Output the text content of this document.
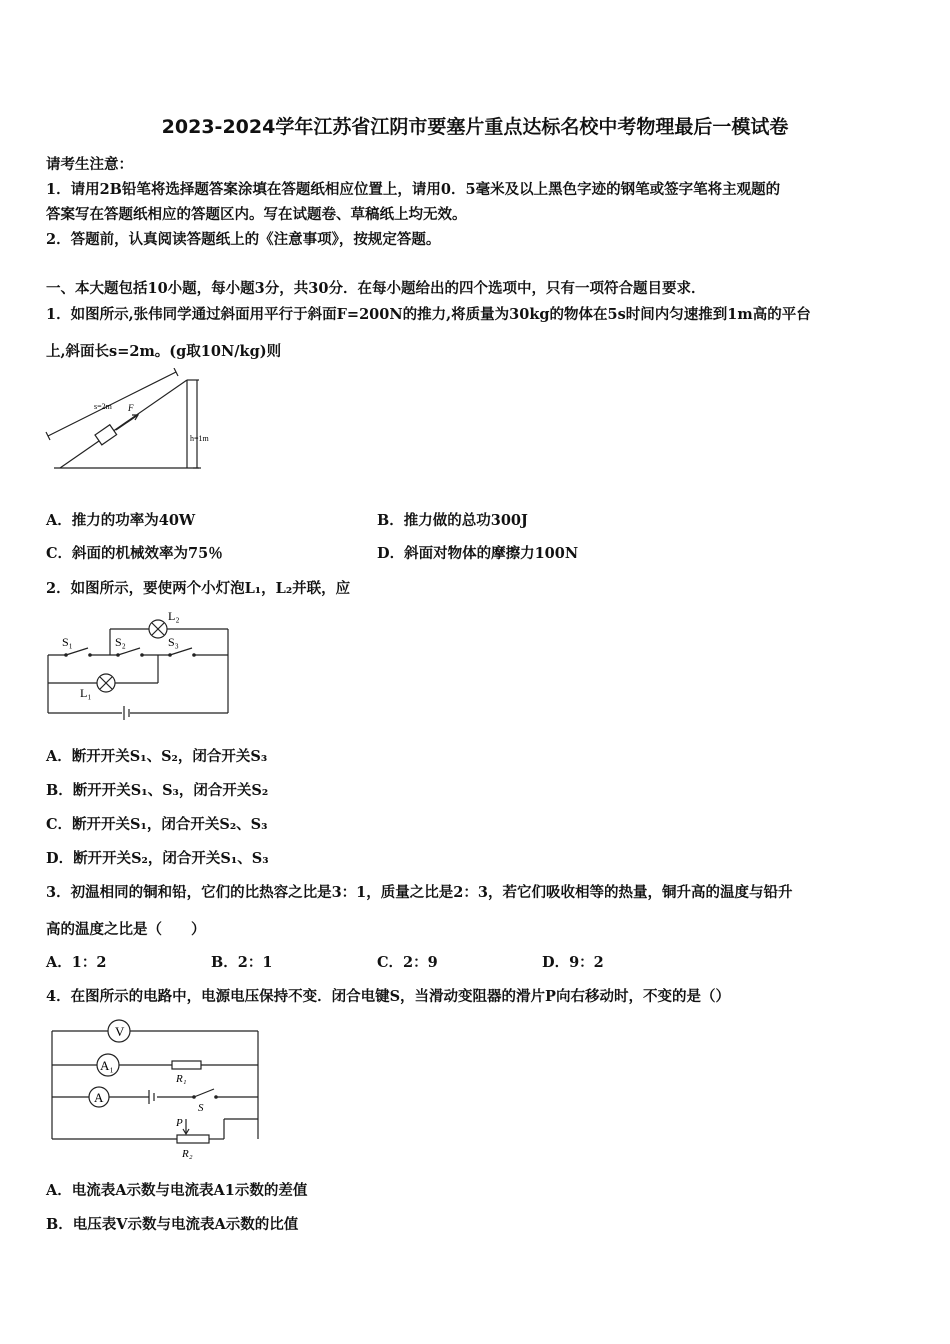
2023-2024学年江苏省江阴市要塞片重点达标名校中考物理最后一模试卷
请考生注意：
1．请用2B铅笔将选择题答案涂填在答题纸相应位置上，请用0．5毫米及以上黑色字迹的钢笔或签字笔将主观题的
答案写在答题纸相应的答题区内。写在试题卷、草稿纸上均无效。
2．答题前，认真阅读答题纸上的《注意事项》，按规定答题。
一、本大题包括10小题，每小题3分，共30分．在每小题给出的四个选项中，只有一项符合题目要求．
1．如图所示,张伟同学通过斜面用平行于斜面F=200N的推力,将质量为30kg的物体在5s时间内匀速推到1m高的平台
上,斜面长s=2m。(g取10N/kg)则
s=2m F
h=1m
A．推力的功率为40W	B．推力做的总功300J
C．斜面的机械效率为75％	D．斜面对物体的摩擦力100N
2．如图所示，要使两个小灯泡L₁，L₂并联，应
L₂
S₁	S₂	S₃
L₁
A．断开开关S₁、S₂，闭合开关S₃
B．断开开关S₁、S₃，闭合开关S₂
C．断开开关S₁，闭合开关S₂、S₃
D．断开开关S₂，闭合开关S₁、S₃
3．初温相同的铜和铅，它们的比热容之比是3：1，质量之比是2：3，若它们吸收相等的热量，铜升高的温度与铅升
高的温度之比是（　　）
A．1：2	B．2：1	C．2：9	D．9：2
4．在图所示的电路中，电源电压保持不变．闭合电键S，当滑动变阻器的滑片P向右移动时，不变的是（）
V
A₁
A
R₁
S
P
R₂
A．电流表A示数与电流表A1示数的差值
B．电压表V示数与电流表A示数的比值
